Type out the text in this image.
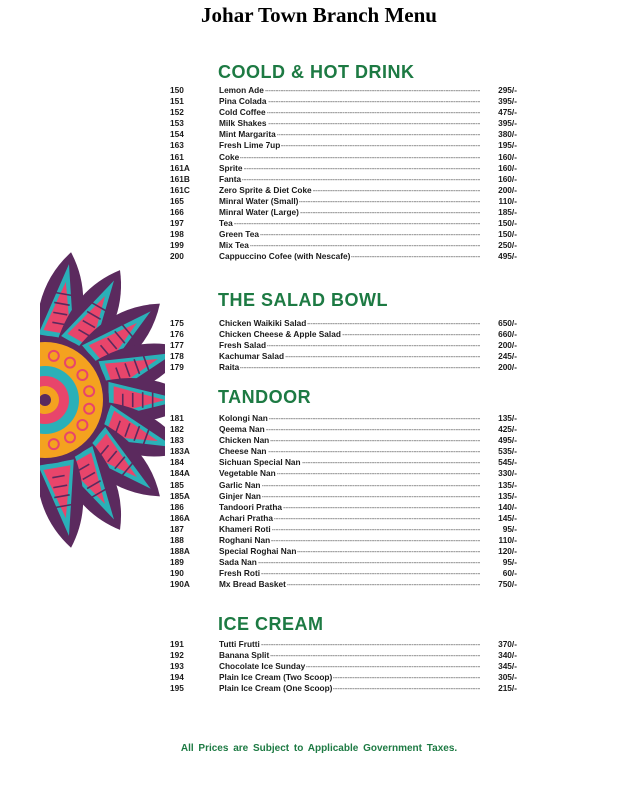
Johar Town Branch Menu
COOLD & HOT DRINK
150 -----	Lemon Ade	295/-
151 -----	Pina Colada	395/-
152 -----	Cold Coffee	475/-
153 -----	Milk Shakes	395/-
154 -----	Mint Margarita	380/-
163 -----	Fresh Lime 7up	195/-
161 -----	Coke	160/-
161A -----	Sprite	160/-
161B -----	Fanta	160/-
161C -----	Zero Sprite & Diet Coke	200/-
165 -----	Minral Water (Small)	110/-
166 -----	Minral Water (Large)	185/-
197 -----	Tea	150/-
198 -----	Green Tea	150/-
199 -----	Mix Tea	250/-
200 -----	Cappuccino Cofee (with Nescafe)	495/-
THE SALAD BOWL
175 -----	Chicken Waikiki Salad	650/-
176 -----	Chicken Cheese & Apple Salad	660/-
177 -----	Fresh Salad	200/-
178 -----	Kachumar Salad	245/-
179 -----	Raita	200/-
TANDOOR
181 -----	Kolongi Nan	135/-
182 -----	Qeema Nan	425/-
183 -----	Chicken Nan	495/-
183A -----	Cheese Nan	535/-
184 -----	Sichuan Special Nan	545/-
184A -----	Vegetable Nan	330/-
185 -----	Garlic Nan	135/-
185A -----	Ginjer Nan	135/-
186 -----	Tandoori Pratha	140/-
186A -----	Achari Pratha	145/-
187 -----	Khameri Roti	95/-
188 -----	Roghani Nan	110/-
188A -----	Special Roghai Nan	120/-
189 -----	Sada Nan	95/-
190 -----	Fresh Roti	60/-
190A -----	Mx Bread Basket	750/-
ICE CREAM
191 -----	Tutti Frutti	370/-
192 -----	Banana Split	340/-
193 -----	Chocolate Ice Sunday	345/-
194 -----	Plain Ice Cream (Two Scoop)	305/-
195 -----	Plain Ice Cream (One Scoop)	215/-
All Prices are Subject to Applicable Government Taxes.
